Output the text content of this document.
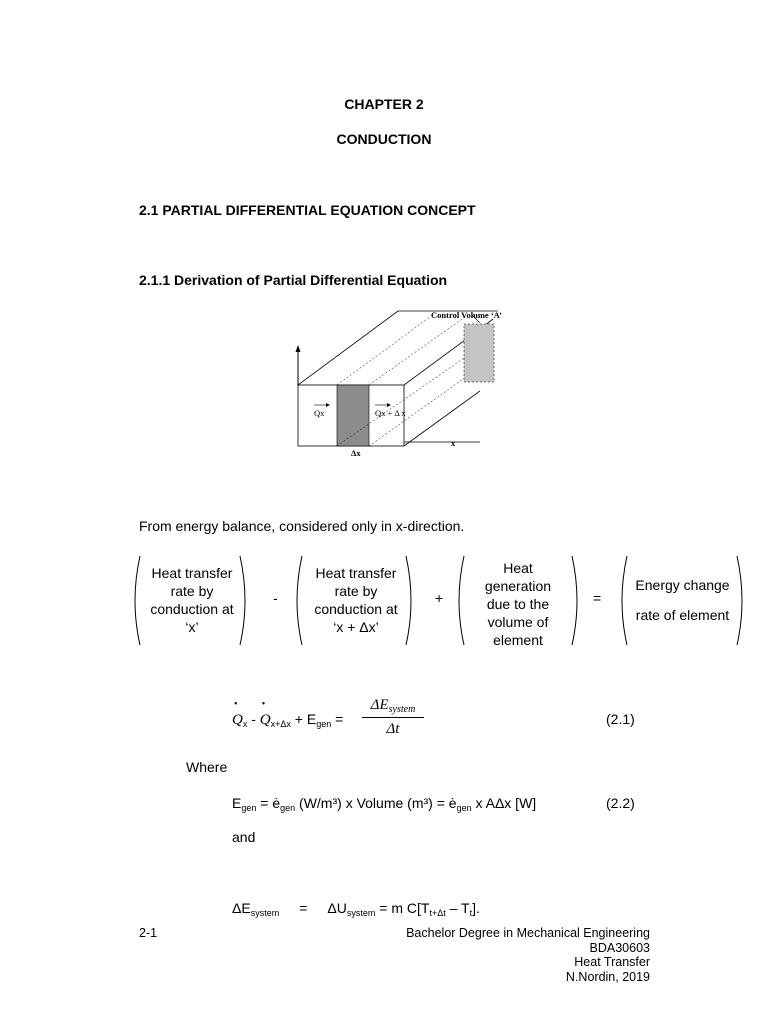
CHAPTER 2
CONDUCTION
2.1 PARTIAL DIFFERENTIAL EQUATION CONCEPT
2.1.1 Derivation of Partial Differential Equation
Control Volume ‘A’
Qx	Qx + Δ x
x
Δx
From energy balance, considered only in x-direction.
Heat transfer
rate by
conduction at
‘x’
-
Heat transfer
rate by
conduction at
‘x + Δx’
+
Heat
generation
due to the
volume of
element
=
Energy change
rate of element
• $Q_x$ - • $Q_{x+\Delta x} + E_{gen}$ =
$\Delta E_{system}$
Δt
(2.1)
Where
$E_{gen}$ = $ė_{gen}$ (W/m³) x Volume $(m^3) = ė_{gen}$ x AΔx [W]	(2.2)
and
$\Delta E_{system} = \Delta U_{system} = m$ $C[T_{t+\Delta t} - T_t]$.
2-1	Bachelor Degree in Mechanical Engineering
BDA30603
Heat Transfer
N.Nordin, 2019
